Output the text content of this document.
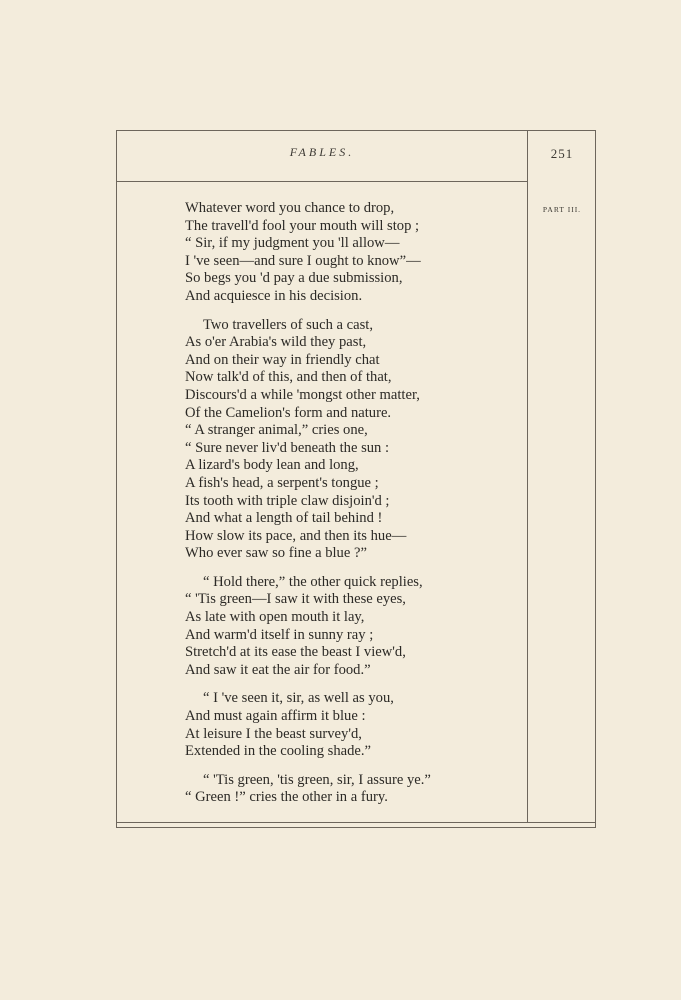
FABLES.	251
PART III.
Whatever word you chance to drop,
The travell'd fool your mouth will stop ;
“ Sir, if my judgment you 'll allow—
I 've seen—and sure I ought to know”—
So begs you 'd pay a due submission,
And acquiesce in his decision.
Two travellers of such a cast,
As o'er Arabia's wild they past,
And on their way in friendly chat
Now talk'd of this, and then of that,
Discours'd a while 'mongst other matter,
Of the Camelion's form and nature.
“ A stranger animal,” cries one,
“ Sure never liv'd beneath the sun :
A lizard's body lean and long,
A fish's head, a serpent's tongue ;
Its tooth with triple claw disjoin'd ;
And what a length of tail behind !
How slow its pace, and then its hue—
Who ever saw so fine a blue ?”
“ Hold there,” the other quick replies,
“ 'Tis green—I saw it with these eyes,
As late with open mouth it lay,
And warm'd itself in sunny ray ;
Stretch'd at its ease the beast I view'd,
And saw it eat the air for food.”
“ I 've seen it, sir, as well as you,
And must again affirm it blue :
At leisure I the beast survey'd,
Extended in the cooling shade.”
“ 'Tis green, 'tis green, sir, I assure ye.”
“ Green !” cries the other in a fury.
